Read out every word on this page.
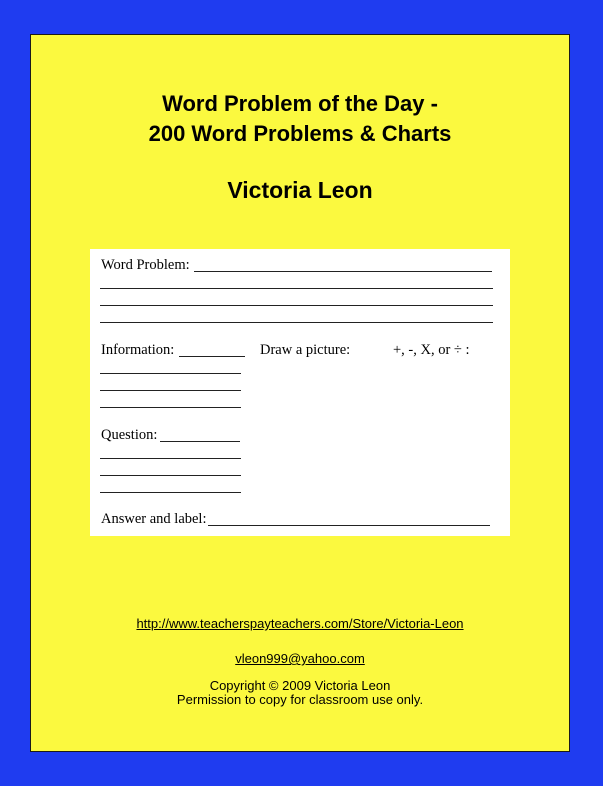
Word Problem of the Day -
200 Word Problems & Charts
Victoria Leon
Word Problem:
Information:	Draw a picture:	+, -, X, or ÷ :
Question:
Answer and label:
http://www.teacherspayteachers.com/Store/Victoria-Leon
vleon999@yahoo.com
Copyright © 2009 Victoria Leon
Permission to copy for classroom use only.
